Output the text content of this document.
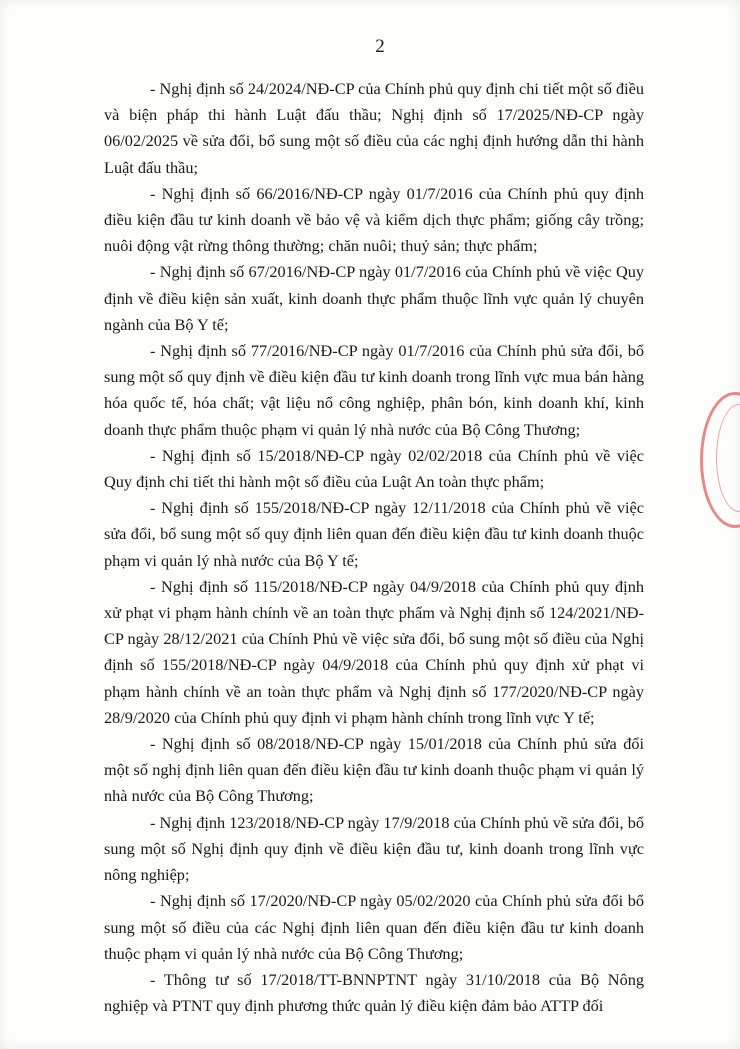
2

- Nghị định số 24/2024/NĐ-CP của Chính phủ quy định chi tiết một số điều và biện pháp thi hành Luật đấu thầu; Nghị định số 17/2025/NĐ-CP ngày 06/02/2025 về sửa đổi, bổ sung một số điều của các nghị định hướng dẫn thi hành Luật đấu thầu;

- Nghị định số 66/2016/NĐ-CP ngày 01/7/2016 của Chính phủ quy định điều kiện đầu tư kinh doanh về bảo vệ và kiểm dịch thực phẩm; giống cây trồng; nuôi động vật rừng thông thường; chăn nuôi; thuỷ sản; thực phẩm;

- Nghị định số 67/2016/NĐ-CP ngày 01/7/2016 của Chính phủ về việc Quy định về điều kiện sản xuất, kinh doanh thực phẩm thuộc lĩnh vực quản lý chuyên ngành của Bộ Y tế;

- Nghị định số 77/2016/NĐ-CP ngày 01/7/2016 của Chính phủ sửa đổi, bổ sung một số quy định về điều kiện đầu tư kinh doanh trong lĩnh vực mua bán hàng hóa quốc tế, hóa chất; vật liệu nổ công nghiệp, phân bón, kinh doanh khí, kinh doanh thực phẩm thuộc phạm vi quản lý nhà nước của Bộ Công Thương;

- Nghị định số 15/2018/NĐ-CP ngày 02/02/2018 của Chính phủ về việc Quy định chi tiết thi hành một số điều của Luật An toàn thực phẩm;

- Nghị định số 155/2018/NĐ-CP ngày 12/11/2018 của Chính phủ về việc sửa đổi, bổ sung một số quy định liên quan đến điều kiện đầu tư kinh doanh thuộc phạm vi quản lý nhà nước của Bộ Y tế;

- Nghị định số 115/2018/NĐ-CP ngày 04/9/2018 của Chính phủ quy định xử phạt vi phạm hành chính về an toàn thực phẩm và Nghị định số 124/2021/NĐ-CP ngày 28/12/2021 của Chính Phủ về việc sửa đổi, bổ sung một số điều của Nghị định số 155/2018/NĐ-CP ngày 04/9/2018 của Chính phủ quy định xử phạt vi phạm hành chính về an toàn thực phẩm và Nghị định số 177/2020/NĐ-CP ngày 28/9/2020 của Chính phủ quy định vi phạm hành chính trong lĩnh vực Y tế;

- Nghị định số 08/2018/NĐ-CP ngày 15/01/2018 của Chính phủ sửa đổi một số nghị định liên quan đến điều kiện đầu tư kinh doanh thuộc phạm vi quản lý nhà nước của Bộ Công Thương;

- Nghị định 123/2018/NĐ-CP ngày 17/9/2018 của Chính phủ về sửa đổi, bổ sung một số Nghị định quy định về điều kiện đầu tư, kinh doanh trong lĩnh vực nông nghiệp;

- Nghị định số 17/2020/NĐ-CP ngày 05/02/2020 của Chính phủ sửa đổi bổ sung một số điều của các Nghị định liên quan đến điều kiện đầu tư kinh doanh thuộc phạm vi quản lý nhà nước của Bộ Công Thương;

- Thông tư số 17/2018/TT-BNNPTNT ngày 31/10/2018 của Bộ Nông nghiệp và PTNT quy định phương thức quản lý điều kiện đảm bảo ATTP đối
